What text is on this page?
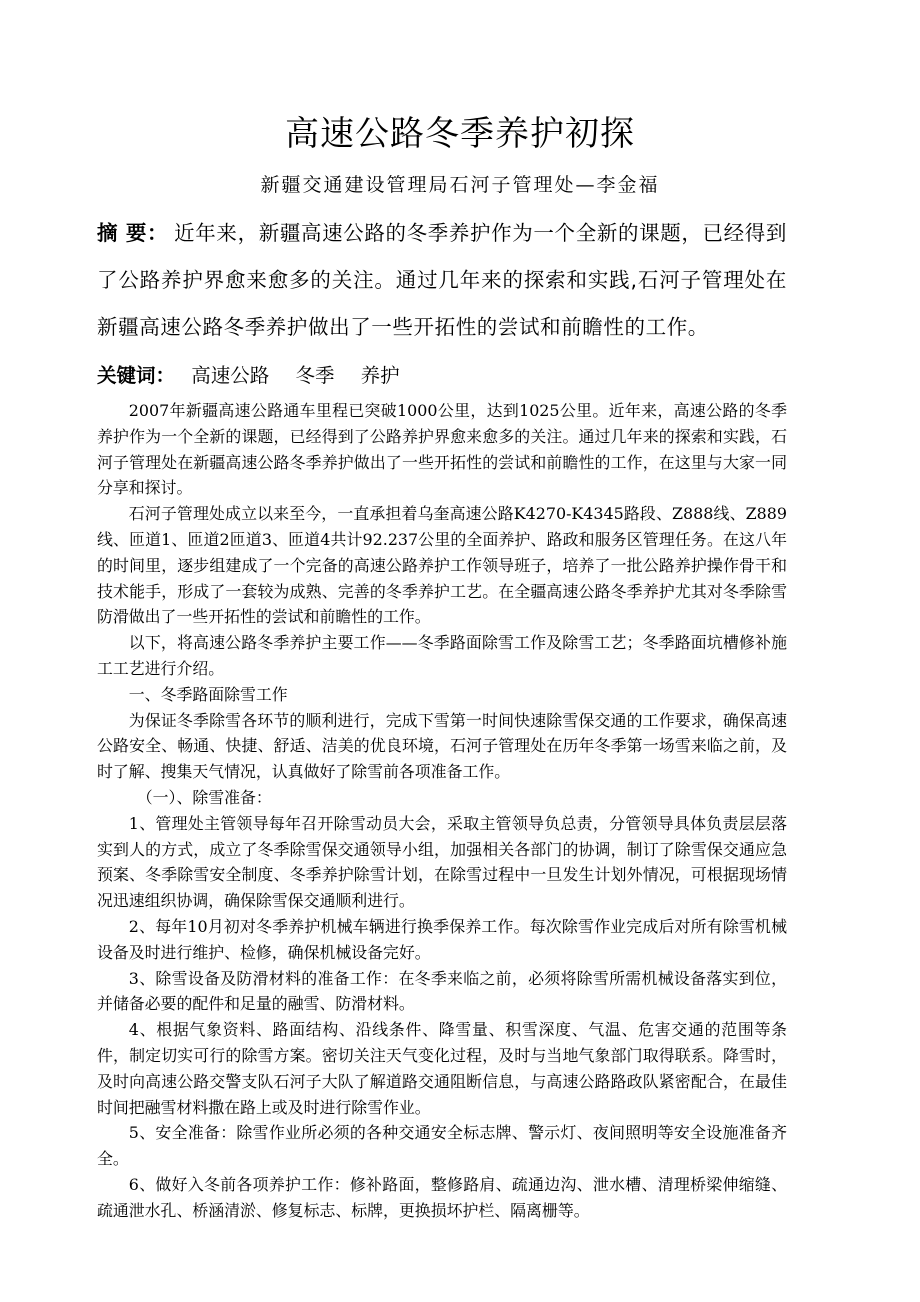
高速公路冬季养护初探
新疆交通建设管理局石河子管理处—李金福
摘 要： 近年来，新疆高速公路的冬季养护作为一个全新的课题，已经得到了公路养护界愈来愈多的关注。通过几年来的探索和实践,石河子管理处在新疆高速公路冬季养护做出了一些开拓性的尝试和前瞻性的工作。
关键词： 高速公路 冬季 养护

2007年新疆高速公路通车里程已突破1000公里，达到1025公里。近年来，高速公路的冬季养护作为一个全新的课题，已经得到了公路养护界愈来愈多的关注。通过几年来的探索和实践，石河子管理处在新疆高速公路冬季养护做出了一些开拓性的尝试和前瞻性的工作，在这里与大家一同分享和探讨。

石河子管理处成立以来至今，一直承担着乌奎高速公路K4270-K4345路段、Z888线、Z889线、匝道1、匝道2匝道3、匝道4共计92.237公里的全面养护、路政和服务区管理任务。在这八年的时间里，逐步组建成了一个完备的高速公路养护工作领导班子，培养了一批公路养护操作骨干和技术能手，形成了一套较为成熟、完善的冬季养护工艺。在全疆高速公路冬季养护尤其对冬季除雪防滑做出了一些开拓性的尝试和前瞻性的工作。

以下，将高速公路冬季养护主要工作——冬季路面除雪工作及除雪工艺；冬季路面坑槽修补施工工艺进行介绍。

一、冬季路面除雪工作

为保证冬季除雪各环节的顺利进行，完成下雪第一时间快速除雪保交通的工作要求，确保高速公路安全、畅通、快捷、舒适、洁美的优良环境，石河子管理处在历年冬季第一场雪来临之前，及时了解、搜集天气情况，认真做好了除雪前各项准备工作。

（一）、除雪准备：

1、管理处主管领导每年召开除雪动员大会，采取主管领导负总责，分管领导具体负责层层落实到人的方式，成立了冬季除雪保交通领导小组，加强相关各部门的协调，制订了除雪保交通应急预案、冬季除雪安全制度、冬季养护除雪计划，在除雪过程中一旦发生计划外情况，可根据现场情况迅速组织协调，确保除雪保交通顺利进行。

2、每年10月初对冬季养护机械车辆进行换季保养工作。每次除雪作业完成后对所有除雪机械设备及时进行维护、检修，确保机械设备完好。

3、除雪设备及防滑材料的准备工作：在冬季来临之前，必须将除雪所需机械设备落实到位，并储备必要的配件和足量的融雪、防滑材料。

4、根据气象资料、路面结构、沿线条件、降雪量、积雪深度、气温、危害交通的范围等条件，制定切实可行的除雪方案。密切关注天气变化过程，及时与当地气象部门取得联系。降雪时，及时向高速公路交警支队石河子大队了解道路交通阻断信息，与高速公路路政队紧密配合，在最佳时间把融雪材料撒在路上或及时进行除雪作业。

5、安全准备：除雪作业所必须的各种交通安全标志牌、警示灯、夜间照明等安全设施准备齐全。

6、做好入冬前各项养护工作：修补路面，整修路肩、疏通边沟、泄水槽、清理桥梁伸缩缝、疏通泄水孔、桥涵清淤、修复标志、标牌，更换损坏护栏、隔离栅等。
